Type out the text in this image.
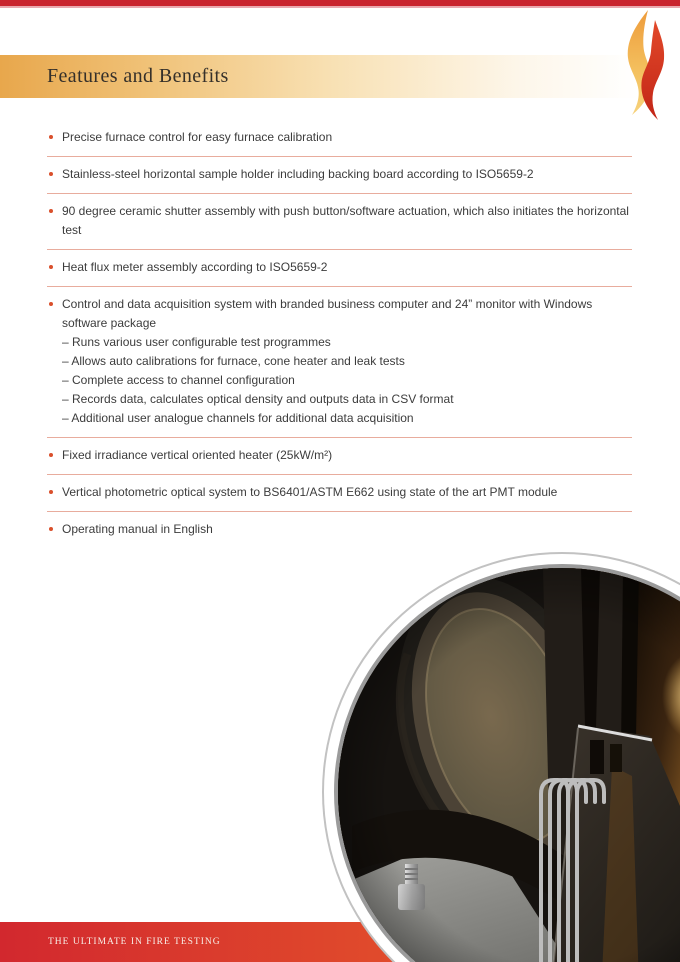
Features and Benefits
Precise furnace control for easy furnace calibration
Stainless-steel horizontal sample holder including backing board according to ISO5659-2
90 degree ceramic shutter assembly with push button/software actuation, which also initiates the horizontal test
Heat flux meter assembly according to ISO5659-2
Control and data acquisition system with branded business computer and 24” monitor with Windows software package
– Runs various user configurable test programmes
– Allows auto calibrations for furnace, cone heater and leak tests
– Complete access to channel configuration
– Records data, calculates optical density and outputs data in CSV format
– Additional user analogue channels for additional data acquisition
Fixed irradiance vertical oriented heater (25kW/m²)
Vertical photometric optical system to BS6401/ASTM E662 using state of the art PMT module
Operating manual in English
THE ULTIMATE IN FIRE TESTING
